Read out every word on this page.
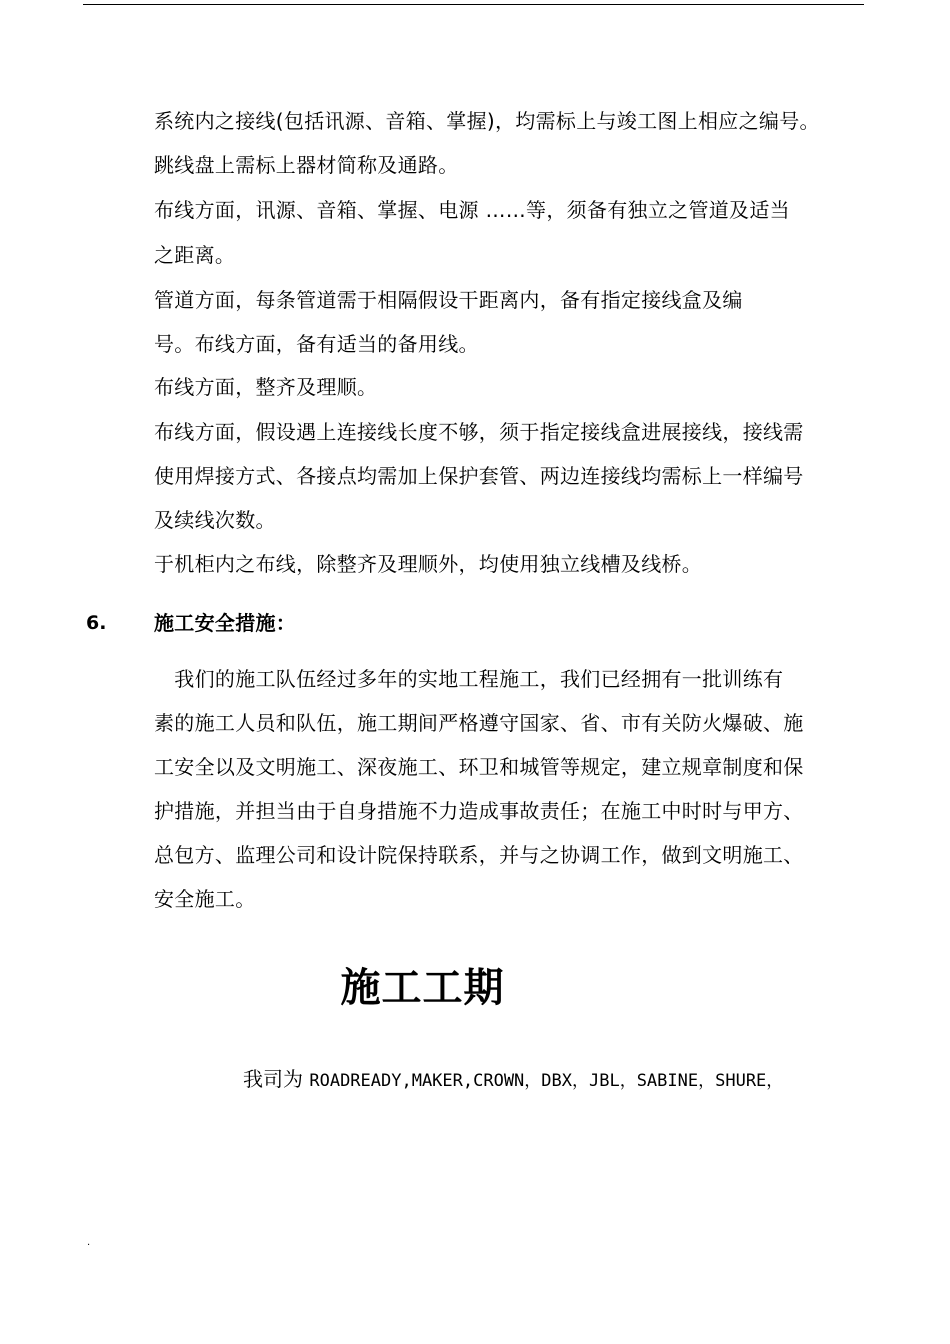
系统内之接线(包括讯源、音箱、掌握)，均需标上与竣工图上相应之编号。
跳线盘上需标上器材简称及通路。
布线方面，讯源、音箱、掌握、电源 ……等，须备有独立之管道及适当
之距离。
管道方面，每条管道需于相隔假设干距离内，备有指定接线盒及编
号。布线方面，备有适当的备用线。
布线方面，整齐及理顺。
布线方面，假设遇上连接线长度不够，须于指定接线盒进展接线，接线需
使用焊接方式、各接点均需加上保护套管、两边连接线均需标上一样编号
及续线次数。
于机柜内之布线，除整齐及理顺外，均使用独立线槽及线桥。
6. 施工安全措施：
　我们的施工队伍经过多年的实地工程施工，我们已经拥有一批训练有
素的施工人员和队伍，施工期间严格遵守国家、省、市有关防火爆破、施
工安全以及文明施工、深夜施工、环卫和城管等规定，建立规章制度和保
护措施，并担当由于自身措施不力造成事故责任；在施工中时时与甲方、
总包方、监理公司和设计院保持联系，并与之协调工作，做到文明施工、
安全施工。
施工工期
我司为 ROADREADY,MAKER,CROWN，DBX，JBL，SABINE，SHURE，
.
